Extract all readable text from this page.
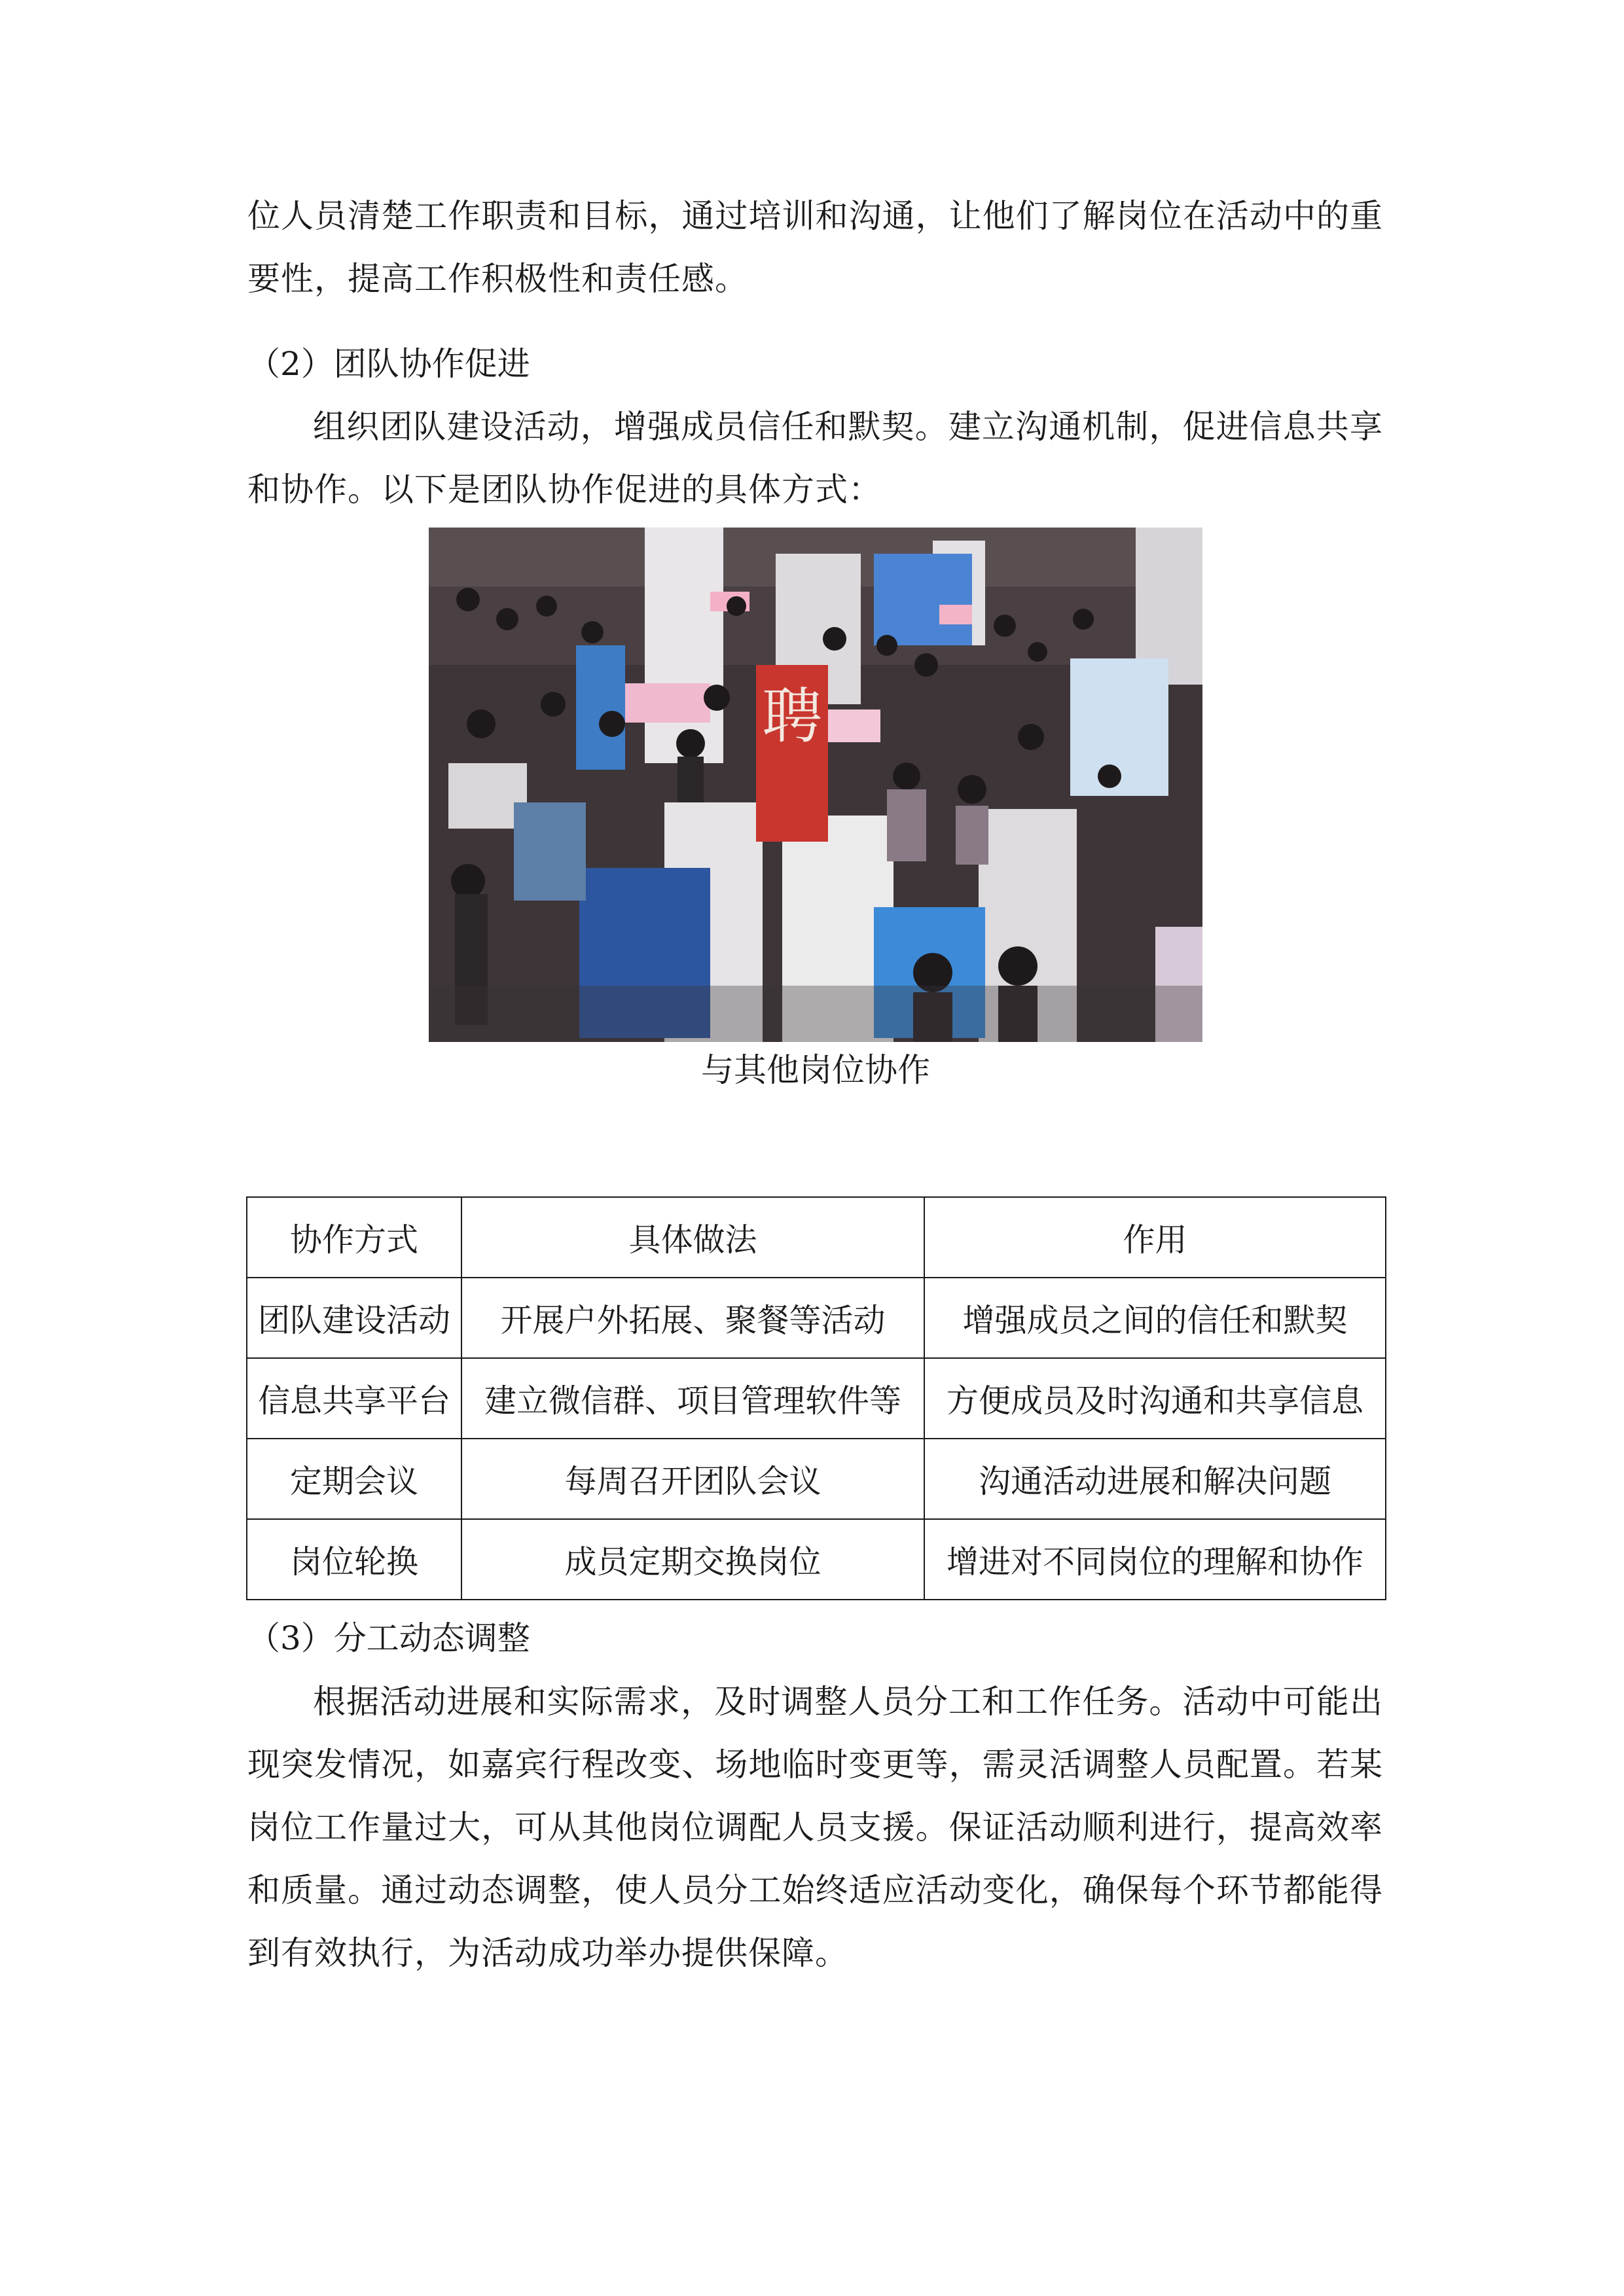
位人员清楚工作职责和目标，通过培训和沟通，让他们了解岗位在活动中的重要性，提高工作积极性和责任感。

（2）团队协作促进

组织团队建设活动，增强成员信任和默契。建立沟通机制，促进信息共享和协作。以下是团队协作促进的具体方式：

聘

与其他岗位协作

协作方式	具体做法	作用
团队建设活动	开展户外拓展、聚餐等活动	增强成员之间的信任和默契
信息共享平台	建立微信群、项目管理软件等	方便成员及时沟通和共享信息
定期会议	每周召开团队会议	沟通活动进展和解决问题
岗位轮换	成员定期交换岗位	增进对不同岗位的理解和协作

（3）分工动态调整

根据活动进展和实际需求，及时调整人员分工和工作任务。活动中可能出现突发情况，如嘉宾行程改变、场地临时变更等，需灵活调整人员配置。若某岗位工作量过大，可从其他岗位调配人员支援。保证活动顺利进行，提高效率和质量。通过动态调整，使人员分工始终适应活动变化，确保每个环节都能得到有效执行，为活动成功举办提供保障。
